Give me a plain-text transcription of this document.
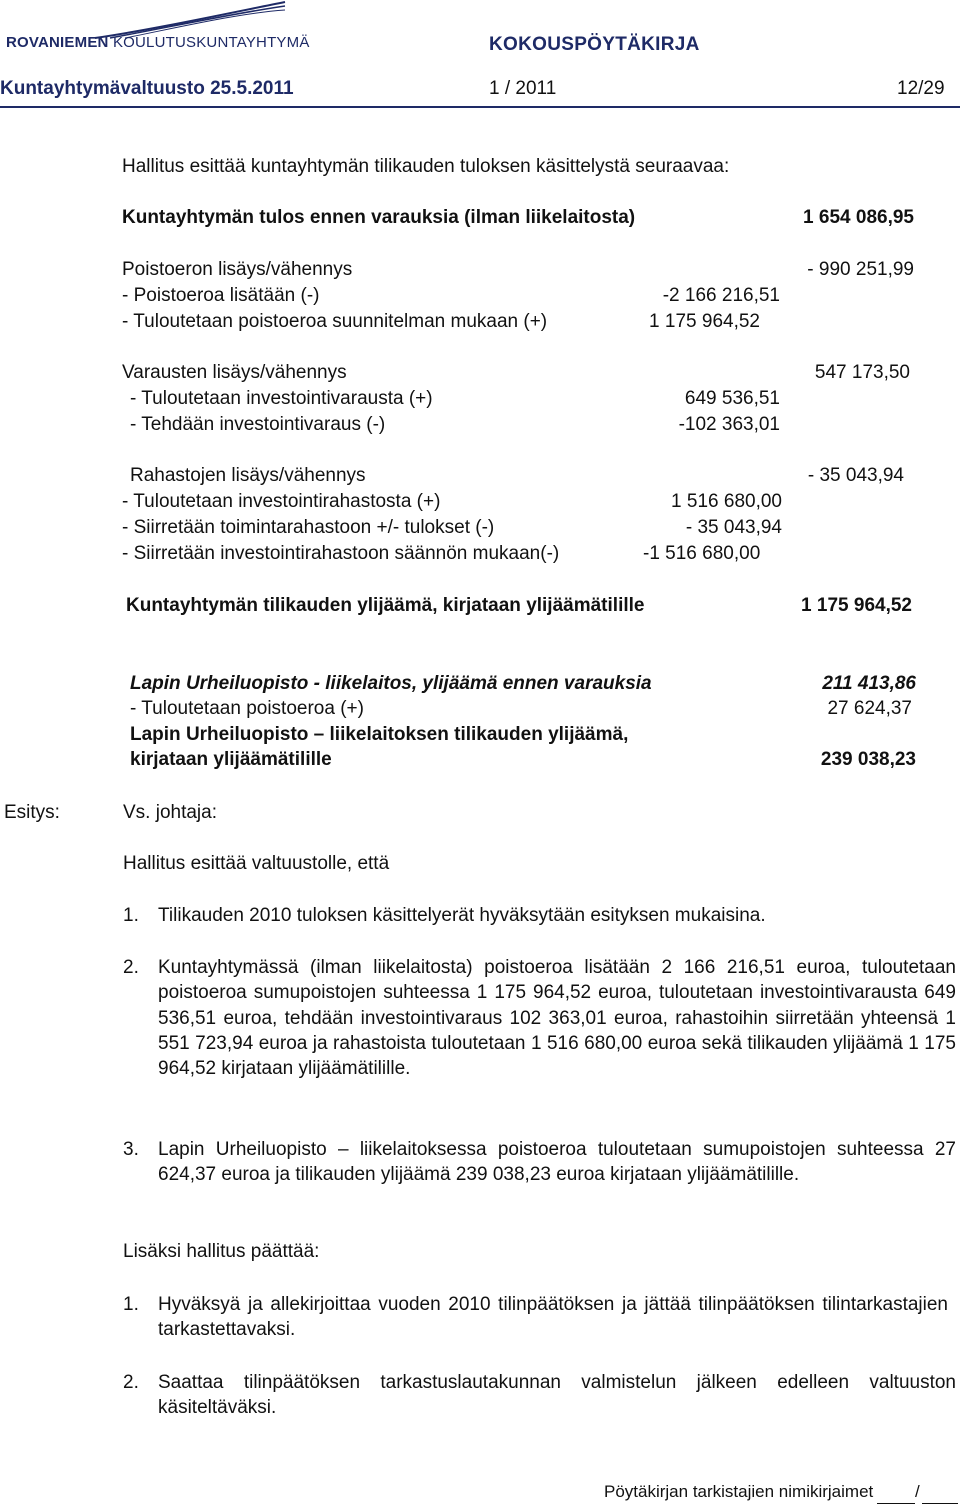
ROVANIEMEN KOULUTUSKUNTAYHTYMÄ	KOKOUSPÖYTÄKIRJA
Kuntayhtymävaltuusto 25.5.2011	1 / 2011	12/29
Hallitus esittää kuntayhtymän tilikauden tuloksen käsittelystä seuraavaa:
Kuntayhtymän tulos ennen varauksia (ilman liikelaitosta)	1 654 086,95
Poistoeron lisäys/vähennys	- 990 251,99
- Poistoeroa lisätään (-)	-2 166 216,51
- Tuloutetaan poistoeroa suunnitelman mukaan (+)	1 175 964,52
Varausten lisäys/vähennys	547 173,50
- Tuloutetaan investointivarausta (+)	649 536,51
- Tehdään investointivaraus (-)	-102 363,01
Rahastojen lisäys/vähennys	- 35 043,94
- Tuloutetaan investointirahastosta (+)	1 516 680,00
- Siirretään toimintarahastoon +/- tulokset (-)	- 35 043,94
- Siirretään investointirahastoon säännön mukaan(-)	-1 516 680,00
Kuntayhtymän tilikauden ylijäämä, kirjataan ylijäämätilille	1 175 964,52
Lapin Urheiluopisto - liikelaitos, ylijäämä ennen varauksia	211 413,86
- Tuloutetaan poistoeroa (+)	27 624,37
Lapin Urheiluopisto – liikelaitoksen tilikauden ylijäämä,
kirjataan ylijäämätilille	239 038,23
Esitys:	Vs. johtaja:
Hallitus esittää valtuustolle, että
1. Tilikauden 2010 tuloksen käsittelyerät hyväksytään esityksen mukaisina.
2. Kuntayhtymässä (ilman liikelaitosta) poistoeroa lisätään 2 166 216,51 euroa, tuloutetaan poistoeroa sumupoistojen suhteessa 1 175 964,52 euroa, tuloutetaan investointivarausta 649 536,51 euroa, tehdään investointivaraus 102 363,01 euroa, rahastoihin siirretään yhteensä 1 551 723,94 euroa ja rahastoista tuloutetaan 1 516 680,00 euroa sekä tilikauden ylijäämä 1 175 964,52 kirjataan ylijäämätilille.
3. Lapin Urheiluopisto – liikelaitoksessa poistoeroa tuloutetaan sumupoistojen suhteessa 27 624,37 euroa ja tilikauden ylijäämä 239 038,23 euroa kirjataan ylijäämätilille.
Lisäksi hallitus päättää:
1. Hyväksyä ja allekirjoittaa vuoden 2010 tilinpäätöksen ja jättää tilinpäätöksen tilintarkastajien tarkastettavaksi.
2. Saattaa tilinpäätöksen tarkastuslautakunnan valmistelun jälkeen edelleen valtuuston käsiteltäväksi.
Pöytäkirjan tarkistajien nimikirjaimet /
